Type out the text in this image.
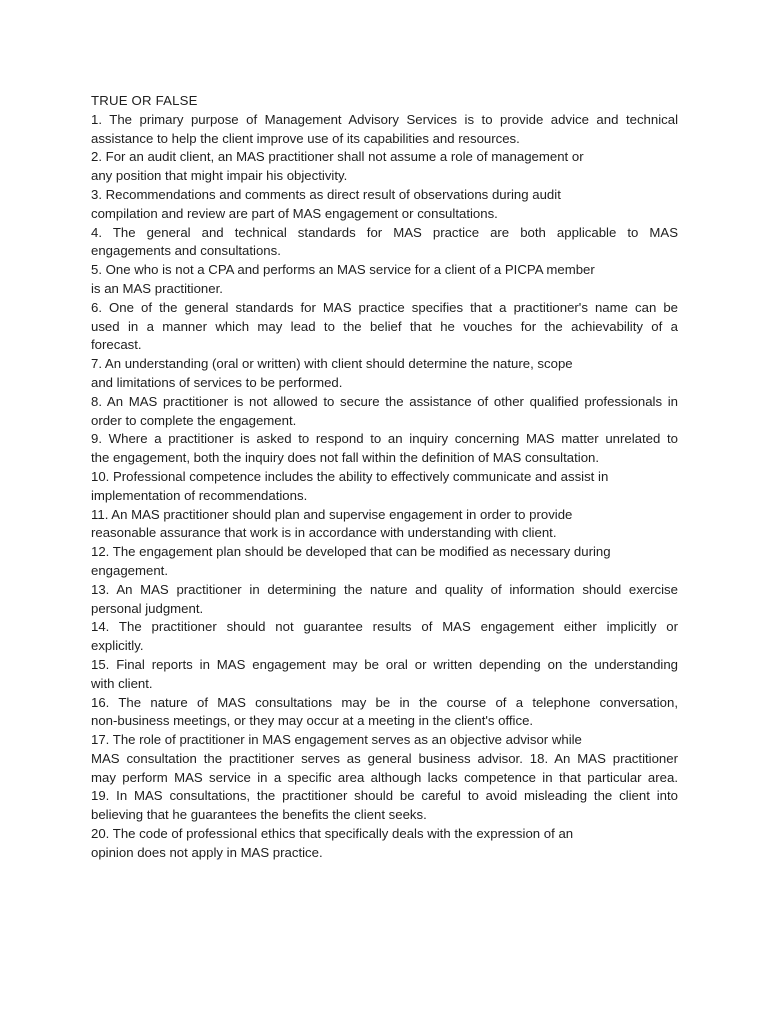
TRUE OR FALSE

1. The primary purpose of Management Advisory Services is to provide advice and technical
assistance to help the client improve use of its capabilities and resources.

2. For an audit client, an MAS practitioner shall not assume a role of management or
any position that might impair his objectivity.

3. Recommendations and comments as direct result of observations during audit
compilation and review are part of MAS engagement or consultations.

4. The general and technical standards for MAS practice are both applicable to MAS
engagements and consultations.

5. One who is not a CPA and performs an MAS service for a client of a PICPA member
is an MAS practitioner.

6. One of the general standards for MAS practice specifies that a practitioner's name can be
used in a manner which may lead to the belief that he vouches for the achievability of a
forecast.

7. An understanding (oral or written) with client should determine the nature, scope
and limitations of services to be performed.

8. An MAS practitioner is not allowed to secure the assistance of other qualified professionals in
order to complete the engagement.

9. Where a practitioner is asked to respond to an inquiry concerning MAS matter unrelated to
the engagement, both the inquiry does not fall within the definition of MAS consultation.

10. Professional competence includes the ability to effectively communicate and assist in
implementation of recommendations.

11. An MAS practitioner should plan and supervise engagement in order to provide
reasonable assurance that work is in accordance with understanding with client.

12. The engagement plan should be developed that can be modified as necessary during
engagement.

13. An MAS practitioner in determining the nature and quality of information should exercise
personal judgment.

14. The practitioner should not guarantee results of MAS engagement either implicitly or
explicitly.

15. Final reports in MAS engagement may be oral or written depending on the understanding
with client.

16. The nature of MAS consultations may be in the course of a telephone conversation,
non-business meetings, or they may occur at a meeting in the client's office.

17. The role of practitioner in MAS engagement serves as an objective advisor while
MAS consultation the practitioner serves as general business advisor. 18. An MAS practitioner
may perform MAS service in a specific area although lacks competence in that particular area.

19. In MAS consultations, the practitioner should be careful to avoid misleading the client into
believing that he guarantees the benefits the client seeks.

20. The code of professional ethics that specifically deals with the expression of an
opinion does not apply in MAS practice.
